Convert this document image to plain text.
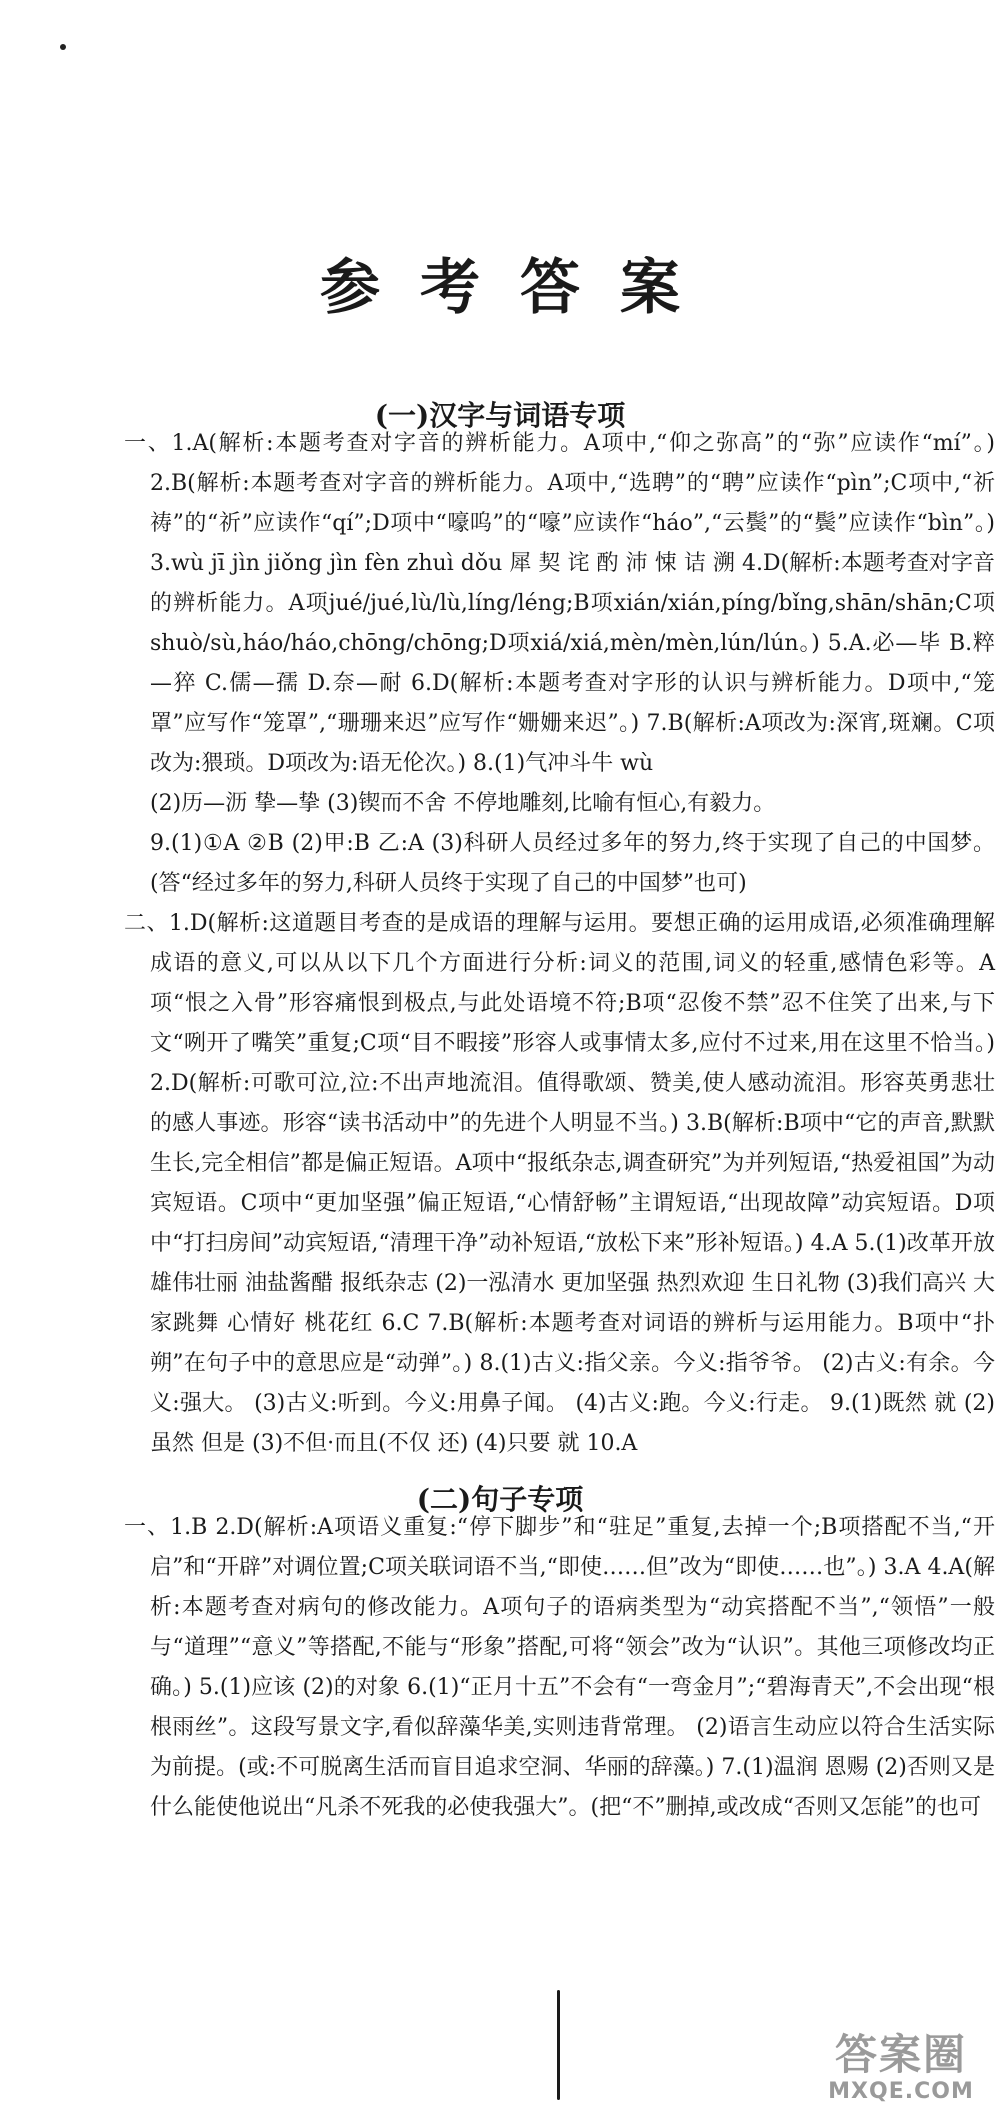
参考答案
(一)汉字与词语专项

一、1.A(解析:本题考查对字音的辨析能力。A项中,“仰之弥高”的“弥”应读作“mí”。) 2.B(解析:本题考查对字音的辨析能力。A项中,“选聘”的“聘”应读作“pìn”;C项中,“祈祷”的“祈”应读作“qí”;D项中“嚎呜”的“嚎”应读作“háo”,“云鬓”的“鬓”应读作“bìn”。) 3.wù jī jìn jiǒng jìn fèn zhuì dǒu 犀 契 诧 酌 沛 悚 诘 溯 4.D(解析:本题考查对字音的辨析能力。A项jué/jué,lù/lù,líng/léng;B项xián/xián,píng/bǐng,shān/shān;C项shuò/sù,háo/háo,chōng/chōng;D项xiá/xiá,mèn/mèn,lún/lún。) 5.A.必—毕 B.粹—猝 C.儒—孺 D.奈—耐 6.D(解析:本题考查对字形的认识与辨析能力。D项中,“笼罩”应写作“笼罩”,“珊珊来迟”应写作“姗姗来迟”。) 7.B(解析:A项改为:深宵,斑斓。C项改为:猥琐。D项改为:语无伦次。) 8.(1)气冲斗牛 wù

(2)历—沥 挚—挚 (3)锲而不舍 不停地雕刻,比喻有恒心,有毅力。

9.(1)①A ②B (2)甲:B 乙:A (3)科研人员经过多年的努力,终于实现了自己的中国梦。(答“经过多年的努力,科研人员终于实现了自己的中国梦”也可)

二、1.D(解析:这道题目考查的是成语的理解与运用。要想正确的运用成语,必须准确理解成语的意义,可以从以下几个方面进行分析:词义的范围,词义的轻重,感情色彩等。A项“恨之入骨”形容痛恨到极点,与此处语境不符;B项“忍俊不禁”忍不住笑了出来,与下文“咧开了嘴笑”重复;C项“目不暇接”形容人或事情太多,应付不过来,用在这里不恰当。) 2.D(解析:可歌可泣,泣:不出声地流泪。值得歌颂、赞美,使人感动流泪。形容英勇悲壮的感人事迹。形容“读书活动中”的先进个人明显不当。) 3.B(解析:B项中“它的声音,默默生长,完全相信”都是偏正短语。A项中“报纸杂志,调查研究”为并列短语,“热爱祖国”为动宾短语。C项中“更加坚强”偏正短语,“心情舒畅”主谓短语,“出现故障”动宾短语。D项中“打扫房间”动宾短语,“清理干净”动补短语,“放松下来”形补短语。) 4.A 5.(1)改革开放 雄伟壮丽 油盐酱醋 报纸杂志 (2)一泓清水 更加坚强 热烈欢迎 生日礼物 (3)我们高兴 大家跳舞 心情好 桃花红 6.C 7.B(解析:本题考查对词语的辨析与运用能力。B项中“扑朔”在句子中的意思应是“动弹”。) 8.(1)古义:指父亲。今义:指爷爷。 (2)古义:有余。今义:强大。 (3)古义:听到。今义:用鼻子闻。 (4)古义:跑。今义:行走。 9.(1)既然 就 (2)虽然 但是 (3)不但·而且(不仅 还) (4)只要 就 10.A

(二)句子专项

一、1.B 2.D(解析:A项语义重复:“停下脚步”和“驻足”重复,去掉一个;B项搭配不当,“开启”和“开辟”对调位置;C项关联词语不当,“即使……但”改为“即使……也”。) 3.A 4.A(解析:本题考查对病句的修改能力。A项句子的语病类型为“动宾搭配不当”,“领悟”一般与“道理”“意义”等搭配,不能与“形象”搭配,可将“领会”改为“认识”。其他三项修改均正确。) 5.(1)应该 (2)的对象 6.(1)“正月十五”不会有“一弯金月”;“碧海青天”,不会出现“根根雨丝”。这段写景文字,看似辞藻华美,实则违背常理。 (2)语言生动应以符合生活实际为前提。(或:不可脱离生活而盲目追求空洞、华丽的辞藻。) 7.(1)温润 恩赐 (2)否则又是什么能使他说出“凡杀不死我的必使我强大”。(把“不”删掉,或改成“否则又怎能”的也可

答案圈
MXQE.COM
